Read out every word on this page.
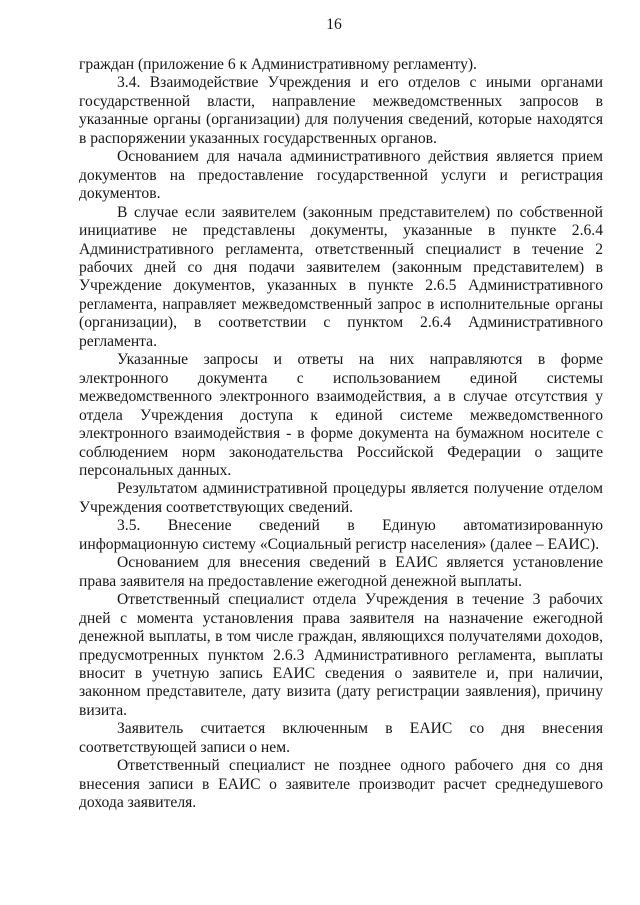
16

граждан (приложение 6 к Административному регламенту).

3.4. Взаимодействие Учреждения и его отделов с иными органами государственной власти, направление межведомственных запросов в указанные органы (организации) для получения сведений, которые находятся в распоряжении указанных государственных органов.

Основанием для начала административного действия является прием документов на предоставление государственной услуги и регистрация документов.

В случае если заявителем (законным представителем) по собственной инициативе не представлены документы, указанные в пункте 2.6.4 Административного регламента, ответственный специалист в течение 2 рабочих дней со дня подачи заявителем (законным представителем) в Учреждение документов, указанных в пункте 2.6.5 Административного регламента, направляет межведомственный запрос в исполнительные органы (организации), в соответствии с пунктом 2.6.4 Административного регламента.

Указанные запросы и ответы на них направляются в форме электронного документа с использованием единой системы межведомственного электронного взаимодействия, а в случае отсутствия у отдела Учреждения доступа к единой системе межведомственного электронного взаимодействия - в форме документа на бумажном носителе с соблюдением норм законодательства Российской Федерации о защите персональных данных.

Результатом административной процедуры является получение отделом Учреждения соответствующих сведений.

3.5. Внесение сведений в Единую автоматизированную информационную систему «Социальный регистр населения» (далее – ЕАИС).

Основанием для внесения сведений в ЕАИС является установление права заявителя на предоставление ежегодной денежной выплаты.

Ответственный специалист отдела Учреждения в течение 3 рабочих дней с момента установления права заявителя на назначение ежегодной денежной выплаты, в том числе граждан, являющихся получателями доходов, предусмотренных пунктом 2.6.3 Административного регламента, выплаты вносит в учетную запись ЕАИС сведения о заявителе и, при наличии, законном представителе, дату визита (дату регистрации заявления), причину визита.

Заявитель считается включенным в ЕАИС со дня внесения соответствующей записи о нем.

Ответственный специалист не позднее одного рабочего дня со дня внесения записи в ЕАИС о заявителе производит расчет среднедушевого дохода заявителя.
